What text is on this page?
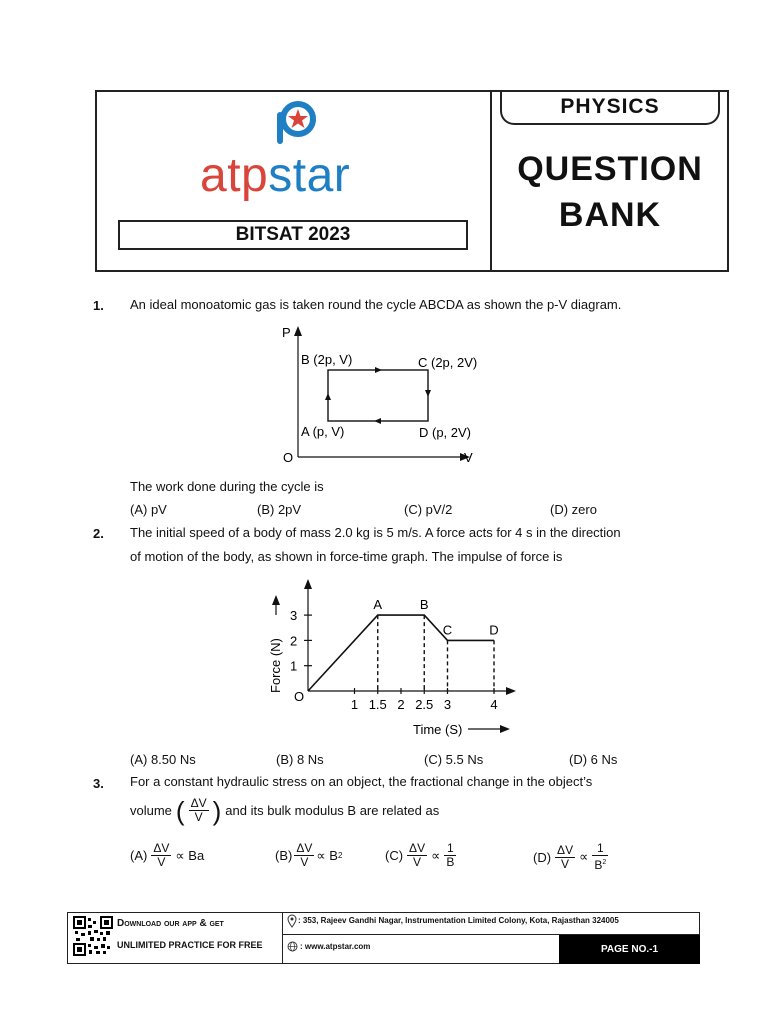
atpstar
BITSAT 2023
PHYSICS
QUESTION
BANK
1. An ideal monoatomic gas is taken round the cycle ABCDA as shown the p-V diagram.
P
V
O
B (2p, V)	C (2p, 2V)
A (p, V)	D (p, 2V)
The work done during the cycle is
(A) pV	(B) 2pV	(C) pV/2	(D) zero
2. The initial speed of a body of mass 2.0 kg is 5 m/s. A force acts for 4 s in the direction
of motion of the body, as shown in force-time graph. The impulse of force is
Force (N)
Time (S)
O
1
2
3
1 1.5 2 2.5 3	4
A	B
C	D
(A) 8.50 Ns	(B) 8 Ns	(C) 5.5 Ns	(D) 6 Ns
3. For a constant hydraulic stress on an object, the fractional change in the object’s
volume ( $\frac{\Delta V}{V}$ ) and its bulk modulus B are related as
$(A) \frac{\Delta V}{V} \propto Ba$	$(B) \frac{\Delta V}{V} \propto B$ 2	$(C) \frac{\Delta V}{V} \propto \frac{1}{B}$	$(D) \frac{\Delta V}{V} \propto \frac{1}{B^2}$
Download our app & get
UNLIMITED PRACTICE FOR FREE
: 353, Rajeev Gandhi Nagar, Instrumentation Limited Colony, Kota, Rajasthan 324005
: www.atpstar.com	PAGE NO.-1
